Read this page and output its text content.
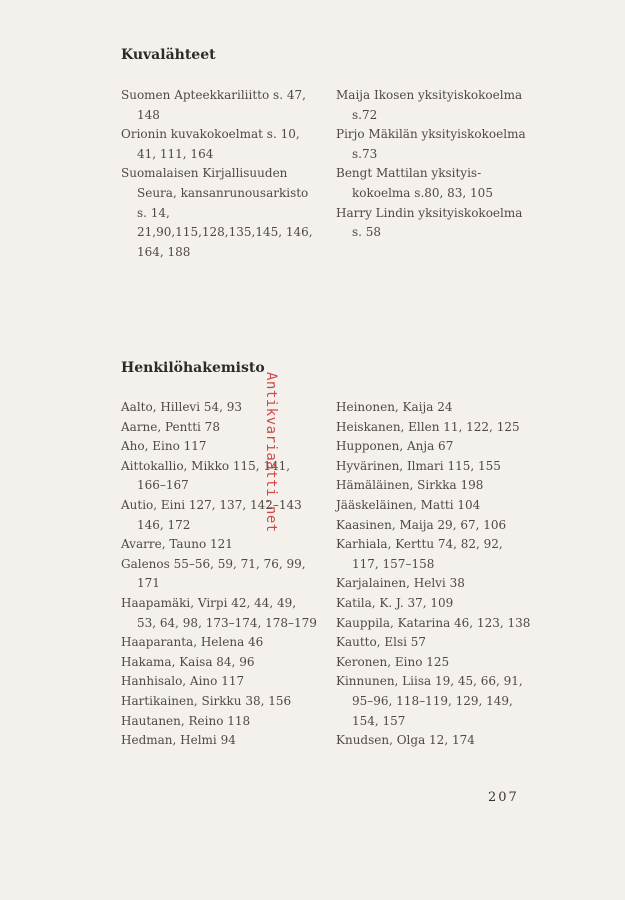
Kuvalähteet

Suomen Apteekkariliitto s. 47, 148

Orionin kuvakokoelmat s. 10, 41, 111, 164

Suomalaisen Kirjallisuuden Seura, kansanrunousarkisto s. 14, 21,90,115,128,135,145, 146, 164, 188

Maija Ikosen yksityiskokoelma s.72

Pirjo Mäkilän yksityiskokoelma s.73

Bengt Mattilan yksityis-kokoelma s.80, 83, 105

Harry Lindin yksityiskokoelma s. 58

Henkilöhakemisto

Aalto, Hillevi 54, 93

Aarne, Pentti 78

Aho, Eino 117

Aittokallio, Mikko 115, 141, 166–167

Autio, Eini 127, 137, 142–143 146, 172

Avarre, Tauno 121

Galenos 55–56, 59, 71, 76, 99, 171

Haapamäki, Virpi 42, 44, 49, 53, 64, 98, 173–174, 178–179

Haaparanta, Helena 46

Hakama, Kaisa 84, 96

Hanhisalo, Aino 117

Hartikainen, Sirkku 38, 156

Hautanen, Reino 118

Hedman, Helmi 94

Heinonen, Kaija 24

Heiskanen, Ellen 11, 122, 125

Hupponen, Anja 67

Hyvärinen, Ilmari 115, 155

Hämäläinen, Sirkka 198

Jääskeläinen, Matti 104

Kaasinen, Maija 29, 67, 106

Karhiala, Kerttu 74, 82, 92, 117, 157–158

Karjalainen, Helvi 38

Katila, K. J. 37, 109

Kauppila, Katarina 46, 123, 138

Kautto, Elsi 57

Keronen, Eino 125

Kinnunen, Liisa 19, 45, 66, 91, 95–96, 118–119, 129, 149, 154, 157

Knudsen, Olga 12, 174

Antikvariaatti.net
207
